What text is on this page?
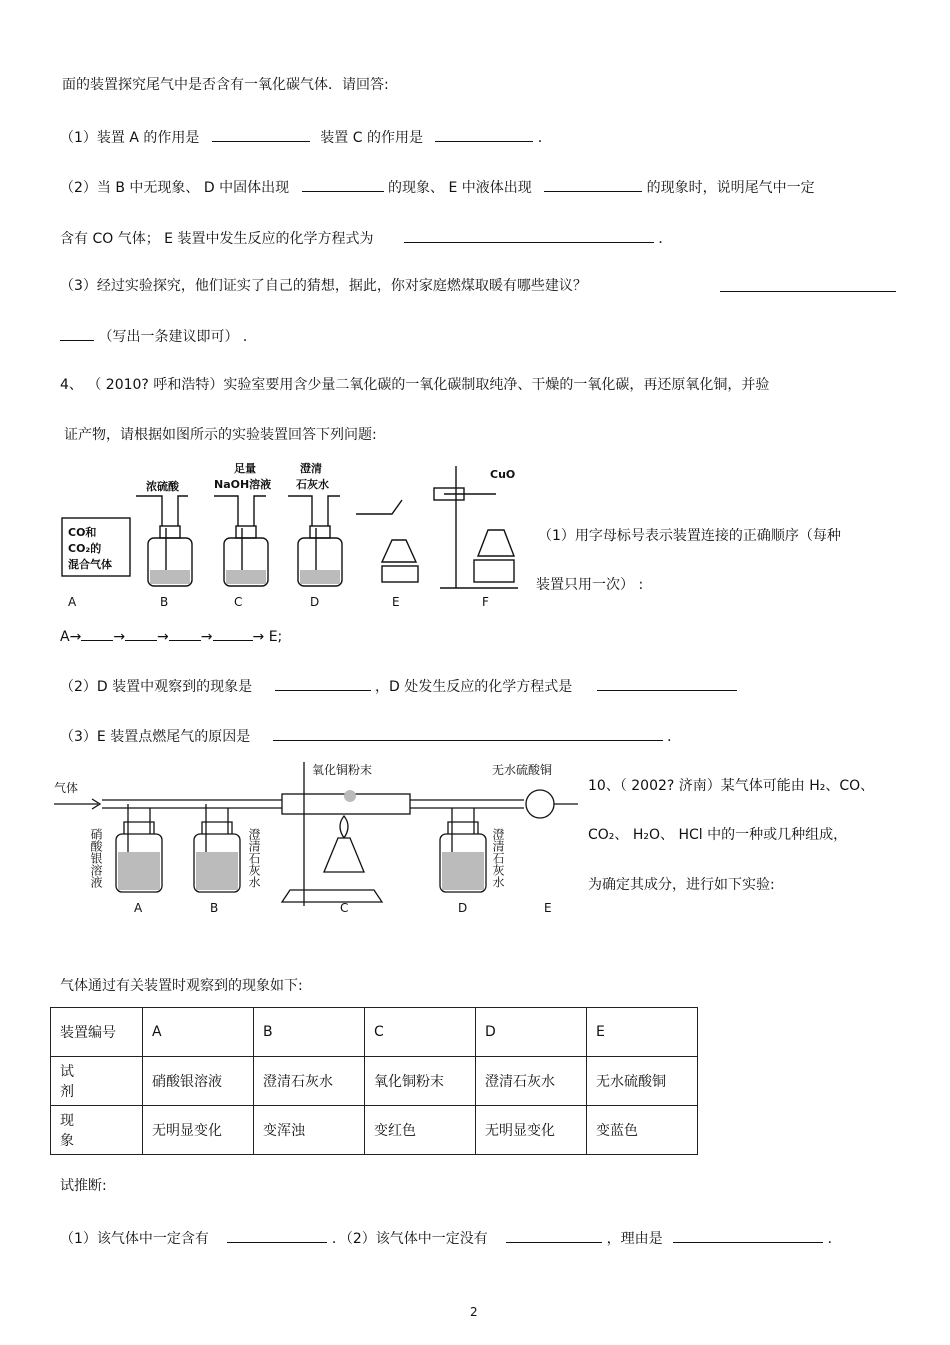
面的装置探究尾气中是否含有一氧化碳气体．请回答:
（1）装置 A 的作用是	装置 C 的作用是	．
（2）当 B 中无现象、 D 中固体出现	的现象、 E 中液体出现	的现象时，说明尾气中一定
含有 CO 气体； E 装置中发生反应的化学方程式为	．
（3）经过实验探究，他们证实了自己的猜想，据此，你对家庭燃煤取暖有哪些建议？
（写出一条建议即可） ．
4、 （ 2010? 呼和浩特）实验室要用含少量二氧化碳的一氧化碳制取纯净、干燥的一氧化碳，再还原氧化铜，并验
证产物，请根据如图所示的实验装置回答下列问题:
CO和
CO₂的
混合气体
浓硫酸
足量
NaOH溶液
澄清
石灰水
CuO
A	B	C	D	E	F
（1）用字母标号表示装置连接的正确顺序（每种
装置只用一次） :
A→ → → →	→ E;
（2）D 装置中观察到的现象是	，D 处发生反应的化学方程式是
（3）E 装置点燃尾气的原因是	．
气体
氧化铜粉末	无水硫酸铜
硝酸银溶液	澄清石灰水	澄清石灰水
A	B	C	D	E
10、（ 2002? 济南）某气体可能由 H₂、CO、
CO₂、 H₂O、 HCl 中的一种或几种组成，
为确定其成分，进行如下实验:
气体通过有关装置时观察到的现象如下:
装置编号	A	B	C	D	E
试剂	硝酸银溶液	澄清石灰水	氧化铜粉末	澄清石灰水	无水硫酸铜
现象	无明显变化	变浑浊	变红色	无明显变化	变蓝色
试推断:
（1）该气体中一定含有	．（2）该气体中一定没有	，理由是	．
2
